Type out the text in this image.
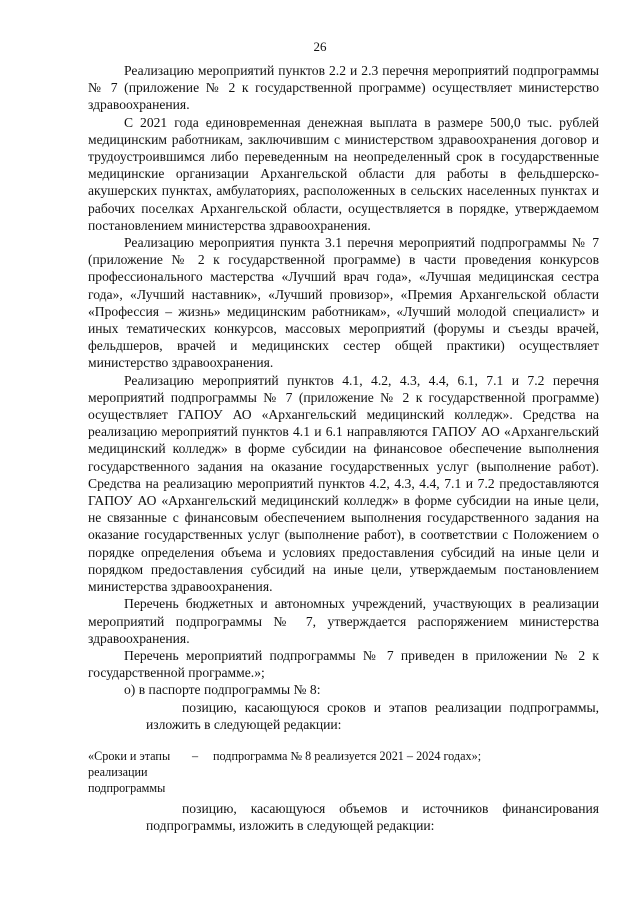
26

Реализацию мероприятий пунктов 2.2 и 2.3 перечня мероприятий подпрограммы № 7 (приложение № 2 к государственной программе) осуществляет министерство здравоохранения.

С 2021 года единовременная денежная выплата в размере 500,0 тыс. рублей медицинским работникам, заключившим с министерством здравоохранения договор и трудоустроившимся либо переведенным на неопределенный срок в государственные медицинские организации Архангельской области для работы в фельдшерско-акушерских пунктах, амбулаториях, расположенных в сельских населенных пунктах и рабочих поселках Архангельской области, осуществляется в порядке, утверждаемом постановлением министерства здравоохранения.

Реализацию мероприятия пункта 3.1 перечня мероприятий подпрограммы № 7 (приложение № 2 к государственной программе) в части проведения конкурсов профессионального мастерства «Лучший врач года», «Лучшая медицинская сестра года», «Лучший наставник», «Лучший провизор», «Премия Архангельской области «Профессия – жизнь» медицинским работникам», «Лучший молодой специалист» и иных тематических конкурсов, массовых мероприятий (форумы и съезды врачей, фельдшеров, врачей и медицинских сестер общей практики) осуществляет министерство здравоохранения.

Реализацию мероприятий пунктов 4.1, 4.2, 4.3, 4.4, 6.1, 7.1 и 7.2 перечня мероприятий подпрограммы № 7 (приложение № 2 к государственной программе) осуществляет ГАПОУ АО «Архангельский медицинский колледж». Средства на реализацию мероприятий пунктов 4.1 и 6.1 направляются ГАПОУ АО «Архангельский медицинский колледж» в форме субсидии на финансовое обеспечение выполнения государственного задания на оказание государственных услуг (выполнение работ). Средства на реализацию мероприятий пунктов 4.2, 4.3, 4.4, 7.1 и 7.2 предоставляются ГАПОУ АО «Архангельский медицинский колледж» в форме субсидии на иные цели, не связанные с финансовым обеспечением выполнения государственного задания на оказание государственных услуг (выполнение работ), в соответствии с Положением о порядке определения объема и условиях предоставления субсидий на иные цели и порядком предоставления субсидий на иные цели, утверждаемым постановлением министерства здравоохранения.

Перечень бюджетных и автономных учреждений, участвующих в реализации мероприятий подпрограммы № 7, утверждается распоряжением министерства здравоохранения.

Перечень мероприятий подпрограммы № 7 приведен в приложении № 2 к государственной программе.»;

о) в паспорте подпрограммы № 8:

позицию, касающуюся сроков и этапов реализации подпрограммы, изложить в следующей редакции:

«Сроки и этапы реализации подпрограммы
– подпрограмма № 8 реализуется 2021 – 2024 годах»;

позицию, касающуюся объемов и источников финансирования подпрограммы, изложить в следующей редакции:
